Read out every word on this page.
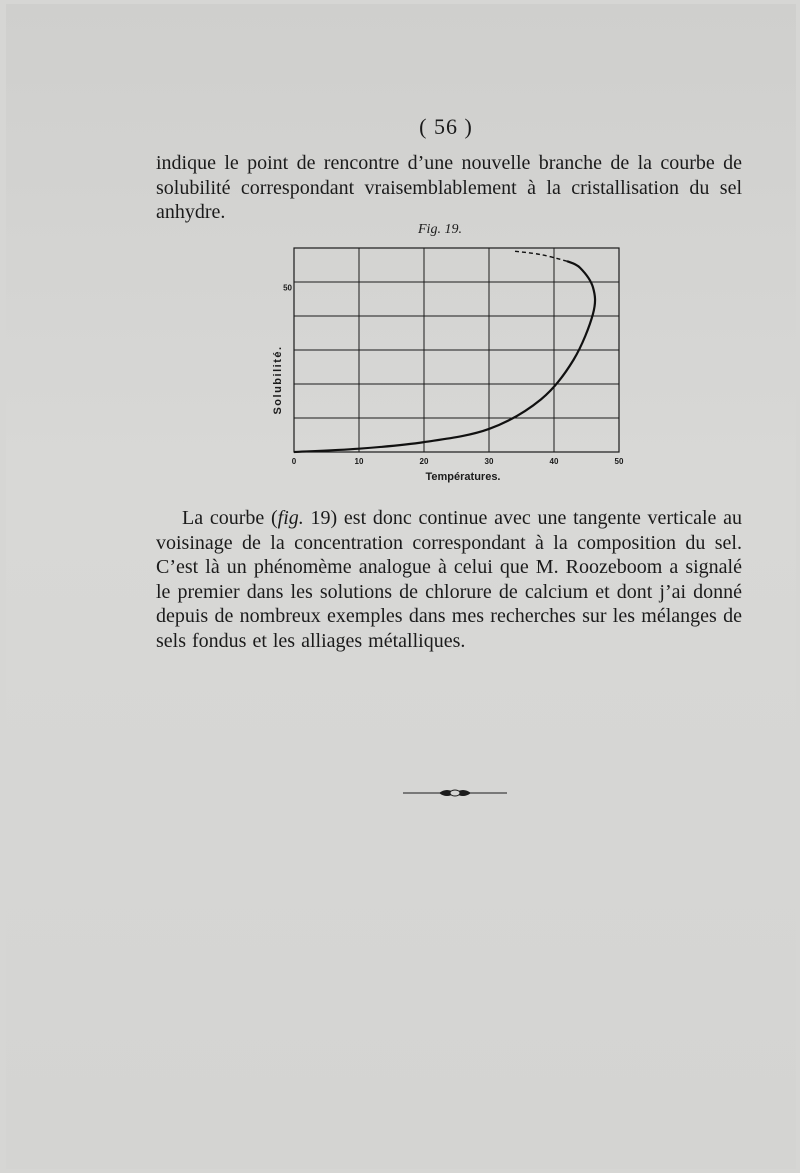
( 56 )

indique le point de rencontre d’une nouvelle branche de la courbe de solubilité correspondant vraisemblablement à la cristallisation du sel anhydre.

Fig. 19.
0	10	20	30	40	50
50
Solubilité.
Températures.

La courbe (fig. 19) est donc continue avec une tangente verticale au voisinage de la concentration correspondant à la composition du sel. C’est là un phénomème analogue à celui que M. Roozeboom a signalé le premier dans les solutions de chlorure de calcium et dont j’ai donné depuis de nombreux exemples dans mes recherches sur les mélanges de sels fondus et les alliages métalliques.
